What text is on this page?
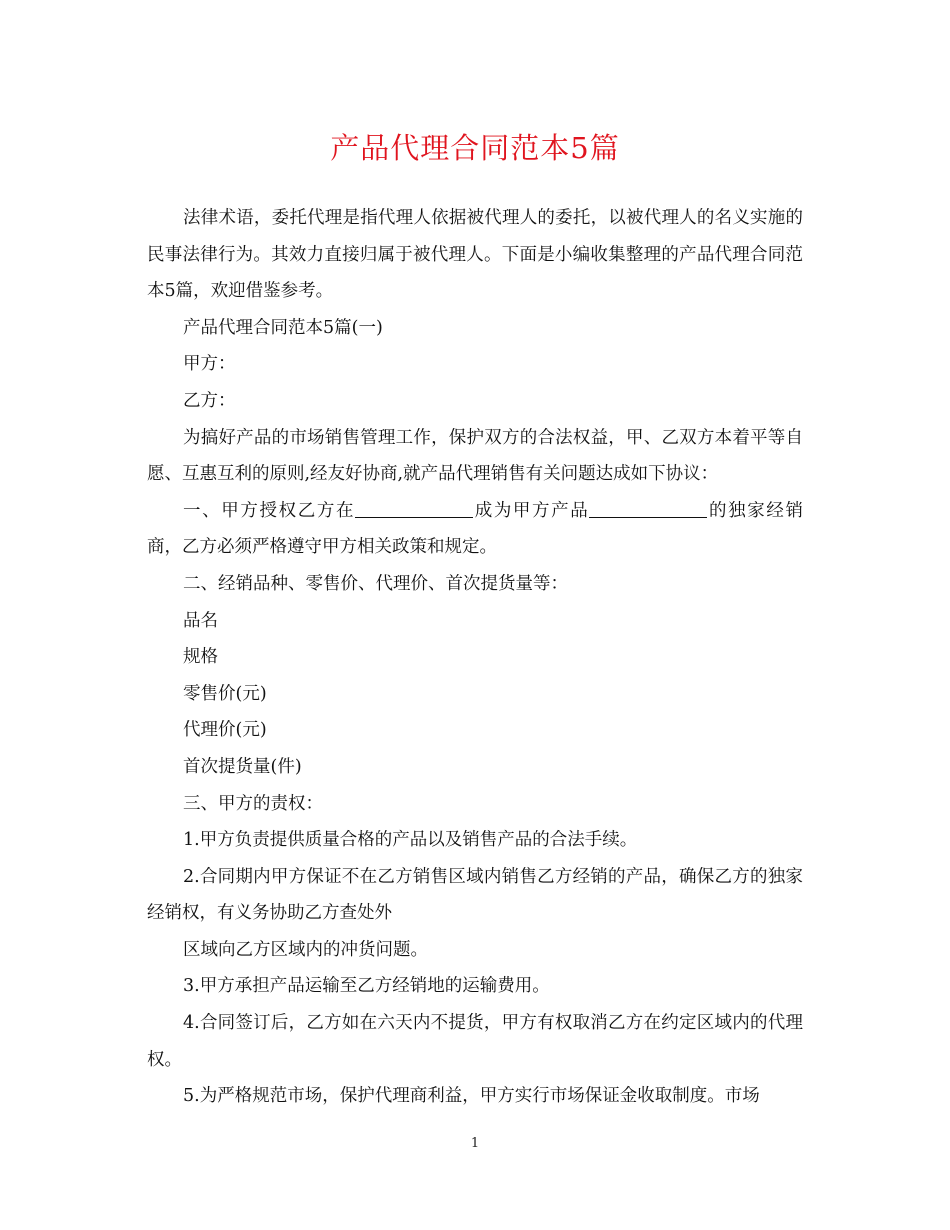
产品代理合同范本5篇

法律术语，委托代理是指代理人依据被代理人的委托，以被代理人的名义实施的民事法律行为。其效力直接归属于被代理人。下面是小编收集整理的产品代理合同范本5篇，欢迎借鉴参考。

产品代理合同范本5篇(一)

甲方：

乙方：

为搞好产品的市场销售管理工作，保护双方的合法权益，甲、乙双方本着平等自愿、互惠互利的原则,经友好协商,就产品代理销售有关问题达成如下协议：

一、甲方授权乙方在	成为甲方产品	的独家经销商，乙方必须严格遵守甲方相关政策和规定。

二、经销品种、零售价、代理价、首次提货量等：

品名

规格

零售价(元)

代理价(元)

首次提货量(件)

三、甲方的责权：

1.甲方负责提供质量合格的产品以及销售产品的合法手续。

2.合同期内甲方保证不在乙方销售区域内销售乙方经销的产品，确保乙方的独家经销权，有义务协助乙方查处外

区域向乙方区域内的冲货问题。

3.甲方承担产品运输至乙方经销地的运输费用。

4.合同签订后，乙方如在六天内不提货，甲方有权取消乙方在约定区域内的代理权。

5.为严格规范市场，保护代理商利益，甲方实行市场保证金收取制度。市场

1
